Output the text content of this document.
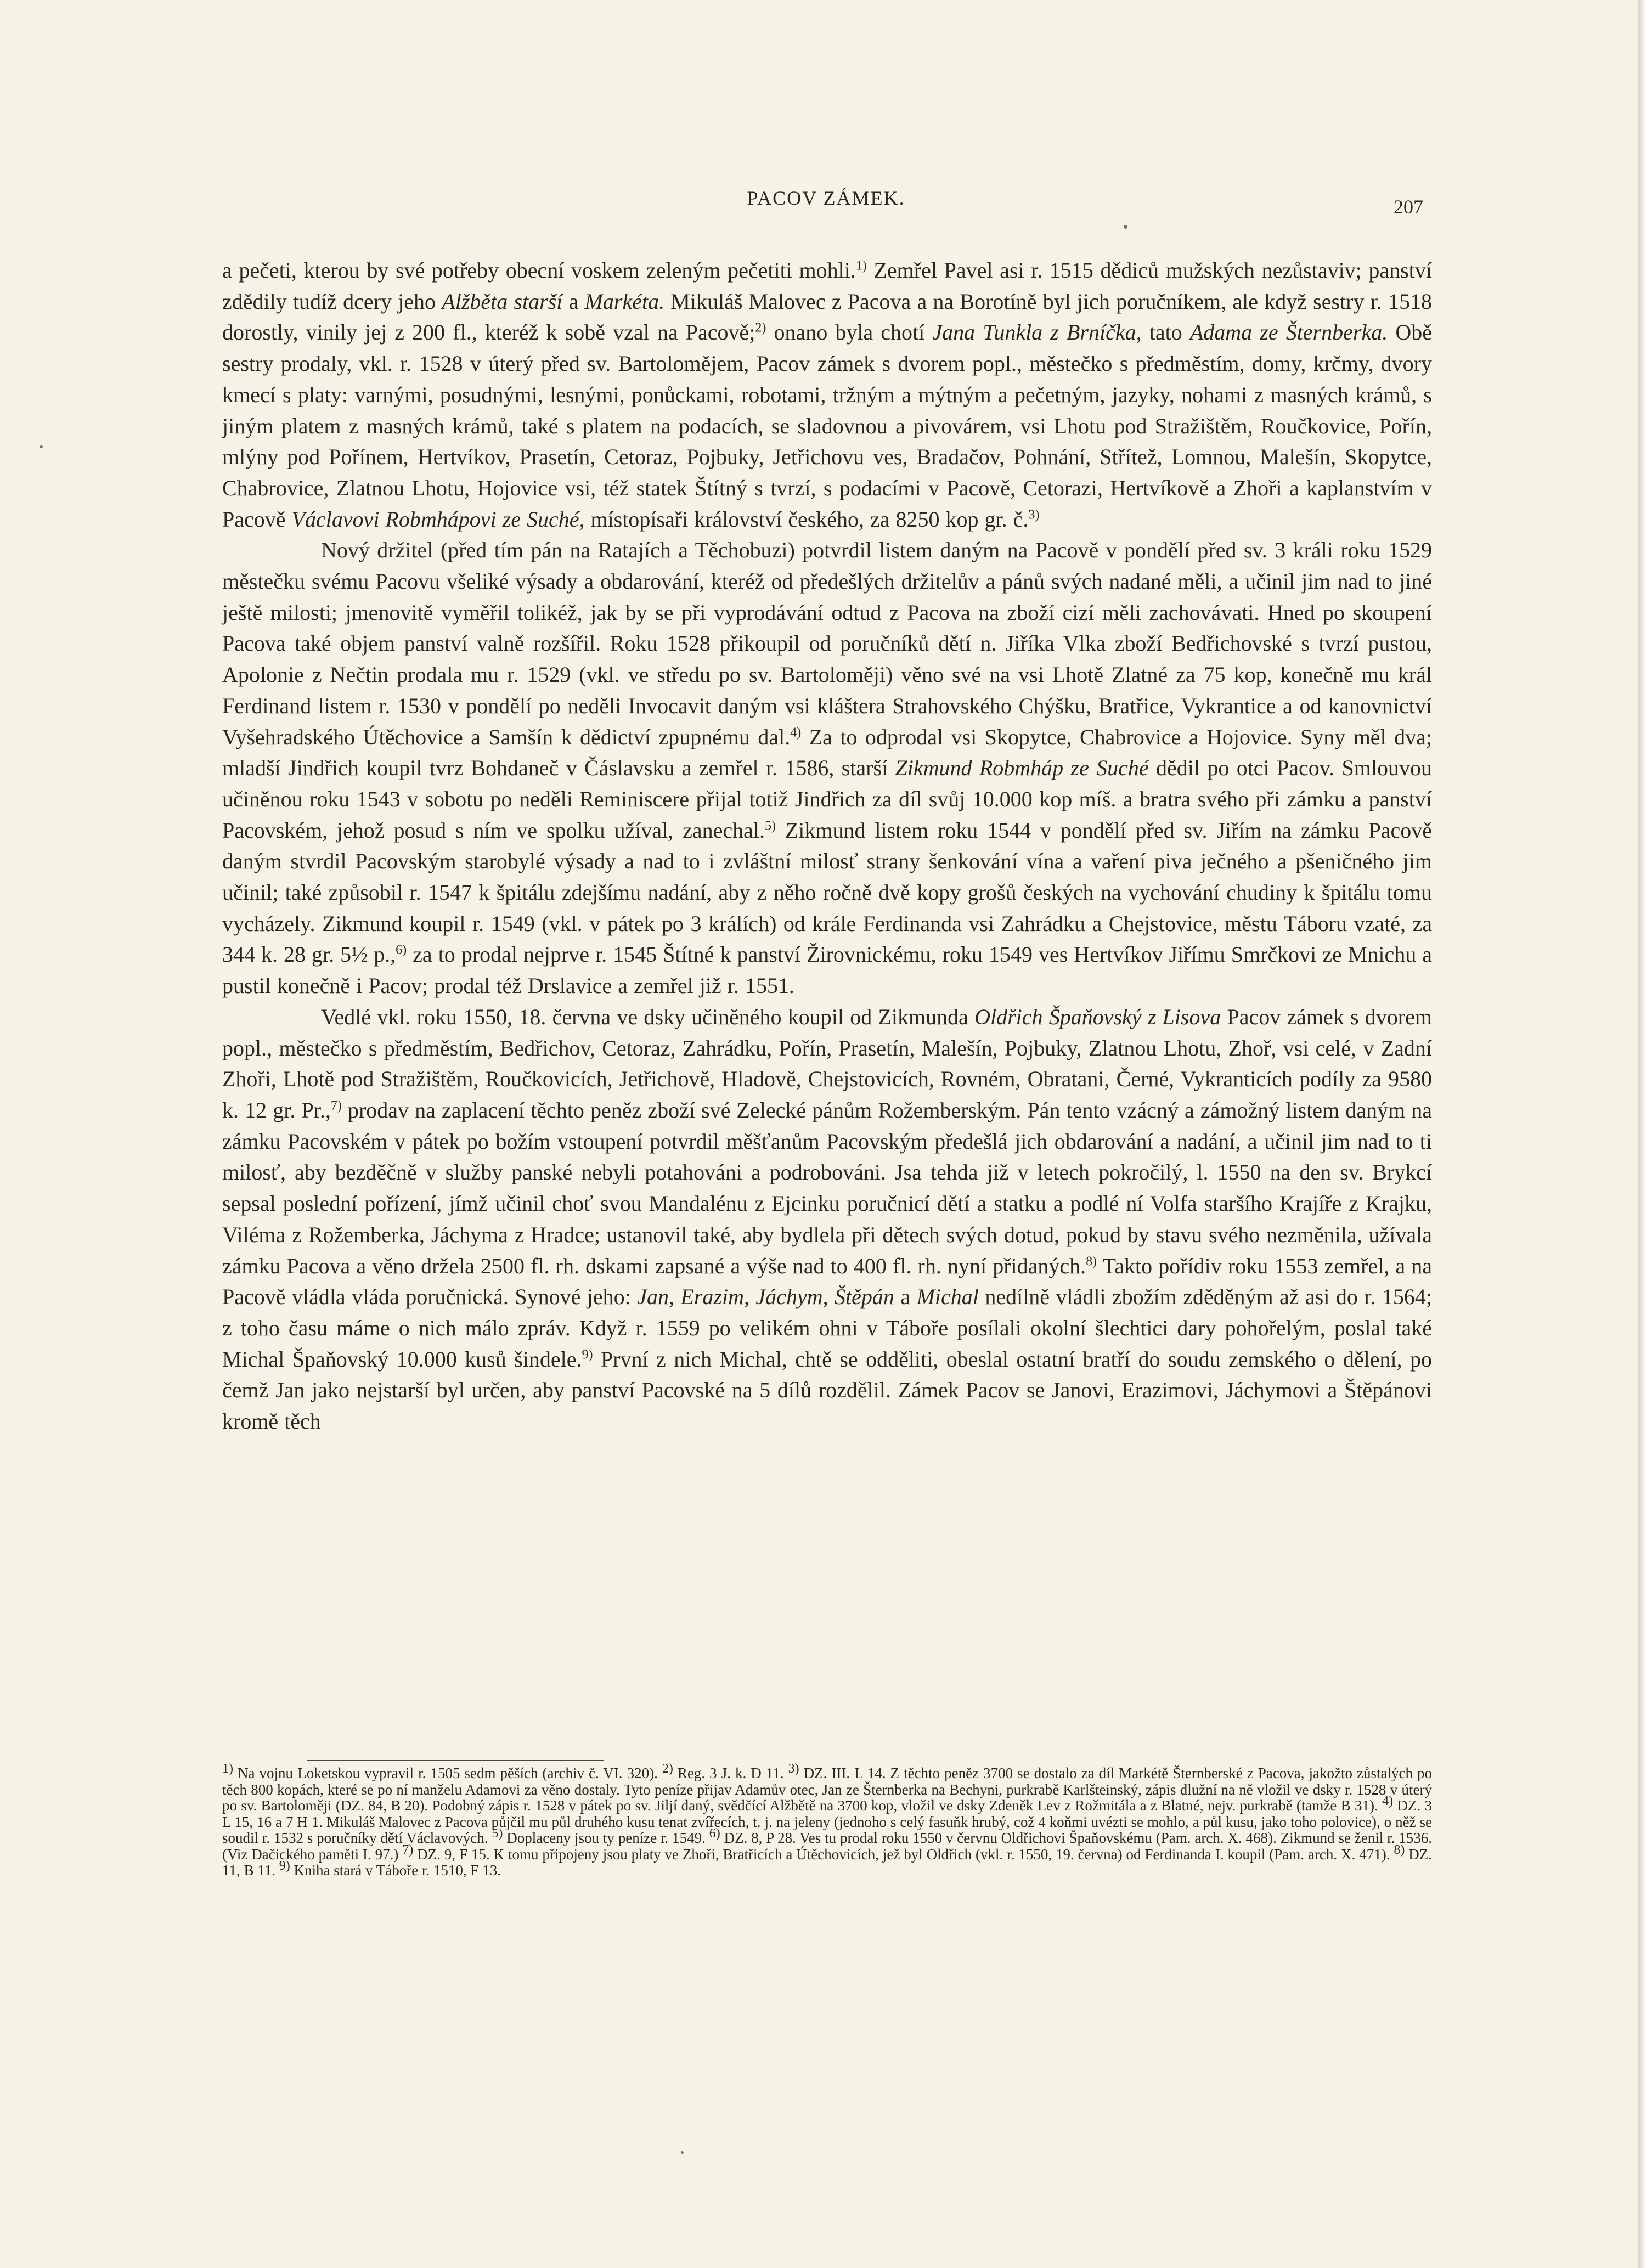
PACOV ZÁMEK.	207

a pečeti, kterou by své potřeby obecní voskem zeleným pečetiti mohli.$^{1)}$ Zemřel Pavel asi r. 1515 dědiců mužských nezůstaviv; panství zdědily tudíž dcery jeho Alžběta starší a Markéta. Mikuláš Malovec z Pacova a na Borotíně byl jich poručníkem, ale když sestry r. 1518 dorostly, vinily jej z 200 fl., kteréž k sobě vzal na Pacově;$^{2)}$ onano byla chotí Jana Tunkla z Brníčka, tato Adama ze Šternberka. Obě sestry prodaly, vkl. r. 1528 v úterý před sv. Bartolomějem, Pacov zámek s dvorem popl., městečko s předměstím, domy, krčmy, dvory kmecí s platy: varnými, posudnými, lesnými, ponůckami, robotami, tržným a mýtným a pečetným, jazyky, nohami z masných krámů, s jiným platem z masných krámů, také s platem na podacích, se sladovnou a pivovárem, vsi Lhotu pod Stražištěm, Roučkovice, Pořín, mlýny pod Pořínem, Hertvíkov, Prasetín, Cetoraz, Pojbuky, Jetřichovu ves, Bradačov, Pohnání, Střítež, Lomnou, Malešín, Skopytce, Chabrovice, Zlatnou Lhotu, Hojovice vsi, též statek Štítný s tvrzí, s podacími v Pacově, Cetorazi, Hertvíkově a Zhoři a kaplanstvím v Pacově Václavovi Robmhápovi ze Suché, místopísaři království českého, za 8250 kop gr. č.$^{3)}$

Nový držitel (před tím pán na Ratajích a Těchobuzi) potvrdil listem daným na Pacově v pondělí před sv. 3 králi roku 1529 městečku svému Pacovu všeliké výsady a obdarování, kteréž od předešlých držitelův a pánů svých nadané měli, a učinil jim nad to jiné ještě milosti; jmenovitě vyměřil tolikéž, jak by se při vyprodávání odtud z Pacova na zboží cizí měli zachovávati. Hned po skoupení Pacova také objem panství valně rozšířil. Roku 1528 přikoupil od poručníků dětí n. Jiříka Vlka zboží Bedřichovské s tvrzí pustou, Apolonie z Nečtin prodala mu r. 1529 (vkl. ve středu po sv. Bartoloměji) věno své na vsi Lhotě Zlatné za 75 kop, konečně mu král Ferdinand listem r. 1530 v pondělí po neděli Invocavit daným vsi kláštera Strahovského Chýšku, Bratřice, Vykrantice a od kanovnictví Vyšehradského Útěchovice a Samšín k dědictví zpupnému dal.$^{4)}$ Za to odprodal vsi Skopytce, Chabrovice a Hojovice. Syny měl dva; mladší Jindřich koupil tvrz Bohdaneč v Čáslavsku a zemřel r. 1586, starší Zikmund Robmháp ze Suché dědil po otci Pacov. Smlouvou učiněnou roku 1543 v sobotu po neděli Reminiscere přijal totiž Jindřich za díl svůj 10.000 kop míš. a bratra svého při zámku a panství Pacovském, jehož posud s ním ve spolku užíval, zanechal.$^{5)}$ Zikmund listem roku 1544 v pondělí před sv. Jiřím na zámku Pacově daným stvrdil Pacovským starobylé výsady a nad to i zvláštní milosť strany šenkování vína a vaření piva ječného a pšeničného jim učinil; také způsobil r. 1547 k špitálu zdejšímu nadání, aby z něho ročně dvě kopy grošů českých na vychování chudiny k špitálu tomu vycházely. Zikmund koupil r. 1549 (vkl. v pátek po 3 králích) od krále Ferdinanda vsi Zahrádku a Chejstovice, městu Táboru vzaté, za 344 k. 28 gr. 5½ p.,$^{6)}$ za to prodal nejprve r. 1545 Štítné k panství Žirovnickému, roku 1549 ves Hertvíkov Jiřímu Smrčkovi ze Mnichu a pustil konečně i Pacov; prodal též Drslavice a zemřel již r. 1551.

Vedlé vkl. roku 1550, 18. června ve dsky učiněného koupil od Zikmunda Oldřich Špaňovský z Lisova Pacov zámek s dvorem popl., městečko s předměstím, Bedřichov, Cetoraz, Zahrádku, Pořín, Prasetín, Malešín, Pojbuky, Zlatnou Lhotu, Zhoř, vsi celé, v Zadní Zhoři, Lhotě pod Stražištěm, Roučkovicích, Jetřichově, Hladově, Chejstovicích, Rovném, Obratani, Černé, Vykranticích podíly za 9580 k. 12 gr. Pr.,$^{7)}$ prodav na zaplacení těchto peněz zboží své Zelecké pánům Rožemberským. Pán tento vzácný a zámožný listem daným na zámku Pacovském v pátek po božím vstoupení potvrdil měšťanům Pacovským předešlá jich obdarování a nadání, a učinil jim nad to ti milosť, aby bezděčně v služby panské nebyli potahováni a podrobováni. Jsa tehda již v letech pokročilý, l. 1550 na den sv. Brykcí sepsal poslední pořízení, jímž učinil choť svou Mandalénu z Ejcinku poručnicí dětí a statku a podlé ní Volfa staršího Krajíře z Krajku, Viléma z Rožemberka, Jáchyma z Hradce; ustanovil také, aby bydlela při dětech svých dotud, pokud by stavu svého nezměnila, užívala zámku Pacova a věno držela 2500 fl. rh. dskami zapsané a výše nad to 400 fl. rh. nyní přidaných.$^{8)}$ Takto pořídiv roku 1553 zemřel, a na Pacově vládla vláda poručnická. Synové jeho: Jan, Erazim, Jáchym, Štěpán a Michal nedílně vládli zbožím zděděným až asi do r. 1564; z toho času máme o nich málo zpráv. Když r. 1559 po velikém ohni v Táboře posílali okolní šlechtici dary pohořelým, poslal také Michal Špaňovský 10.000 kusů šindele.$^{9)}$ První z nich Michal, chtě se odděliti, obeslal ostatní bratří do soudu zemského o dělení, po čemž Jan jako nejstarší byl určen, aby panství Pacovské na 5 dílů rozdělil. Zámek Pacov se Janovi, Erazimovi, Jáchymovi a Štěpánovi kromě těch

1) Na vojnu Loketskou vypravil r. 1505 sedm pěších (archiv č. VI. 320). 2) Reg. 3 J. k. D 11. 3) DZ. III. L 14. Z těchto peněz 3700 se dostalo za díl Markétě Šternberské z Pacova, jakožto zůstalých po těch 800 kopách, které se po ní manželu Adamovi za věno dostaly. Tyto peníze přijav Adamův otec, Jan ze Šternberka na Bechyni, purkrabě Karlšteinský, zápis dlužní na ně vložil ve dsky r. 1528 v úterý po sv. Bartoloměji (DZ. 84, B 20). Podobný zápis r. 1528 v pátek po sv. Jiljí daný, svědčící Alžbětě na 3700 kop, vložil ve dsky Zdeněk Lev z Rožmitála a z Blatné, nejv. purkrabě (tamže B 31). 4) DZ. 3 L 15, 16 a 7 H 1. Mikuláš Malovec z Pacova půjčil mu půl druhého kusu tenat zvířecích, t. j. na jeleny (jednoho s celý fasuňk hrubý, což 4 koňmi uvézti se mohlo, a půl kusu, jako toho polovice), o něž se soudil r. 1532 s poručníky dětí Václavových. 5) Doplaceny jsou ty peníze r. 1549. 6) DZ. 8, P 28. Ves tu prodal roku 1550 v červnu Oldřichovi Špaňovskému (Pam. arch. X. 468). Zikmund se ženil r. 1536. (Viz Dačického paměti I. 97.) 7) DZ. 9, F 15. K tomu připojeny jsou platy ve Zhoři, Bratřicích a Útěchovicích, jež byl Oldřich (vkl. r. 1550, 19. června) od Ferdinanda I. koupil (Pam. arch. X. 471). 8) DZ. 11, B 11. 9) Kniha stará v Táboře r. 1510, F 13.
